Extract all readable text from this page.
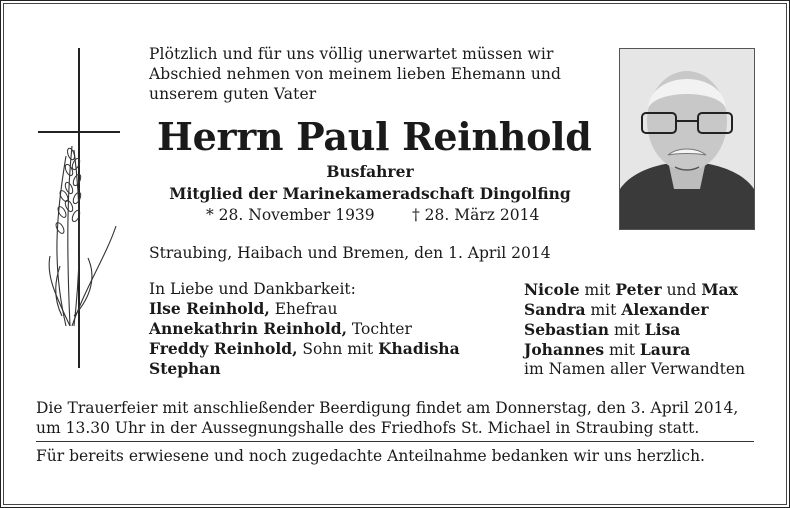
Plötzlich und für uns völlig unerwartet müssen wir
Abschied nehmen von meinem lieben Ehemann und
unserem guten Vater
Herrn Paul Reinhold
Busfahrer
Mitglied der Marinekameradschaft Dingolfing
* 28. November 1939 † 28. März 2014
Straubing, Haibach und Bremen, den 1. April 2014
In Liebe und Dankbarkeit:
Ilse Reinhold, Ehefrau
Annekathrin Reinhold, Tochter
Freddy Reinhold, Sohn mit Khadisha
Stephan
Nicole mit Peter und Max
Sandra mit Alexander
Sebastian mit Lisa
Johannes mit Laura
im Namen aller Verwandten
Die Trauerfeier mit anschließender Beerdigung findet am Donnerstag, den 3. April 2014,
um 13.30 Uhr in der Aussegnungshalle des Friedhofs St. Michael in Straubing statt.
Für bereits erwiesene und noch zugedachte Anteilnahme bedanken wir uns herzlich.
